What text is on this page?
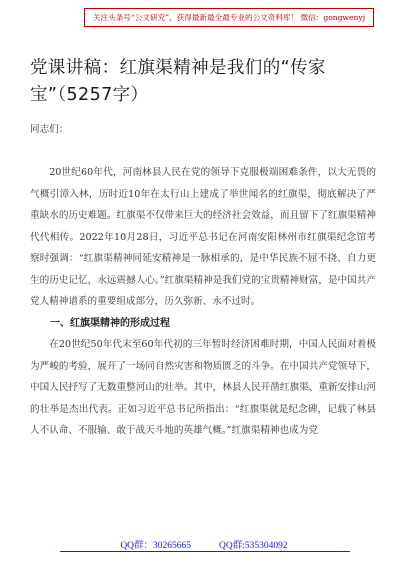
关注头条号“公文研究”，获得最新最全最专业的公文资料库！ 微信：gongwenyj
党课讲稿：红旗渠精神是我们的“传家宝”（5257字）

同志们：

20世纪60年代，河南林县人民在党的领导下克服极端困难条件，以大无畏的气概引漳入林，历时近10年在太行山上建成了举世闻名的红旗渠，彻底解决了严重缺水的历史难题。红旗渠不仅带来巨大的经济社会效益，而且留下了红旗渠精神代代相传。2022年10月28日，习近平总书记在河南安阳林州市红旗渠纪念馆考察时强调：“红旗渠精神同延安精神是一脉相承的，是中华民族不屈不挠、自力更生的历史记忆，永远震撼人心。”红旗渠精神是我们党的宝贵精神财富，是中国共产党人精神谱系的重要组成部分，历久弥新、永不过时。

一、红旗渠精神的形成过程

在20世纪50年代末至60年代初的三年暂时经济困难时期，中国人民面对着极为严峻的考验，展开了一场同自然灾害和物质匮乏的斗争。在中国共产党领导下，中国人民抒写了无数重整河山的壮举。其中，林县人民开凿红旗渠、重新安排山河的壮举是杰出代表。正如习近平总书记所指出：“红旗渠就是纪念碑，记载了林县人不认命、不服输、敢于战天斗地的英雄气概。”红旗渠精神也成为党

QQ群：30265665	QQ群:535304092
